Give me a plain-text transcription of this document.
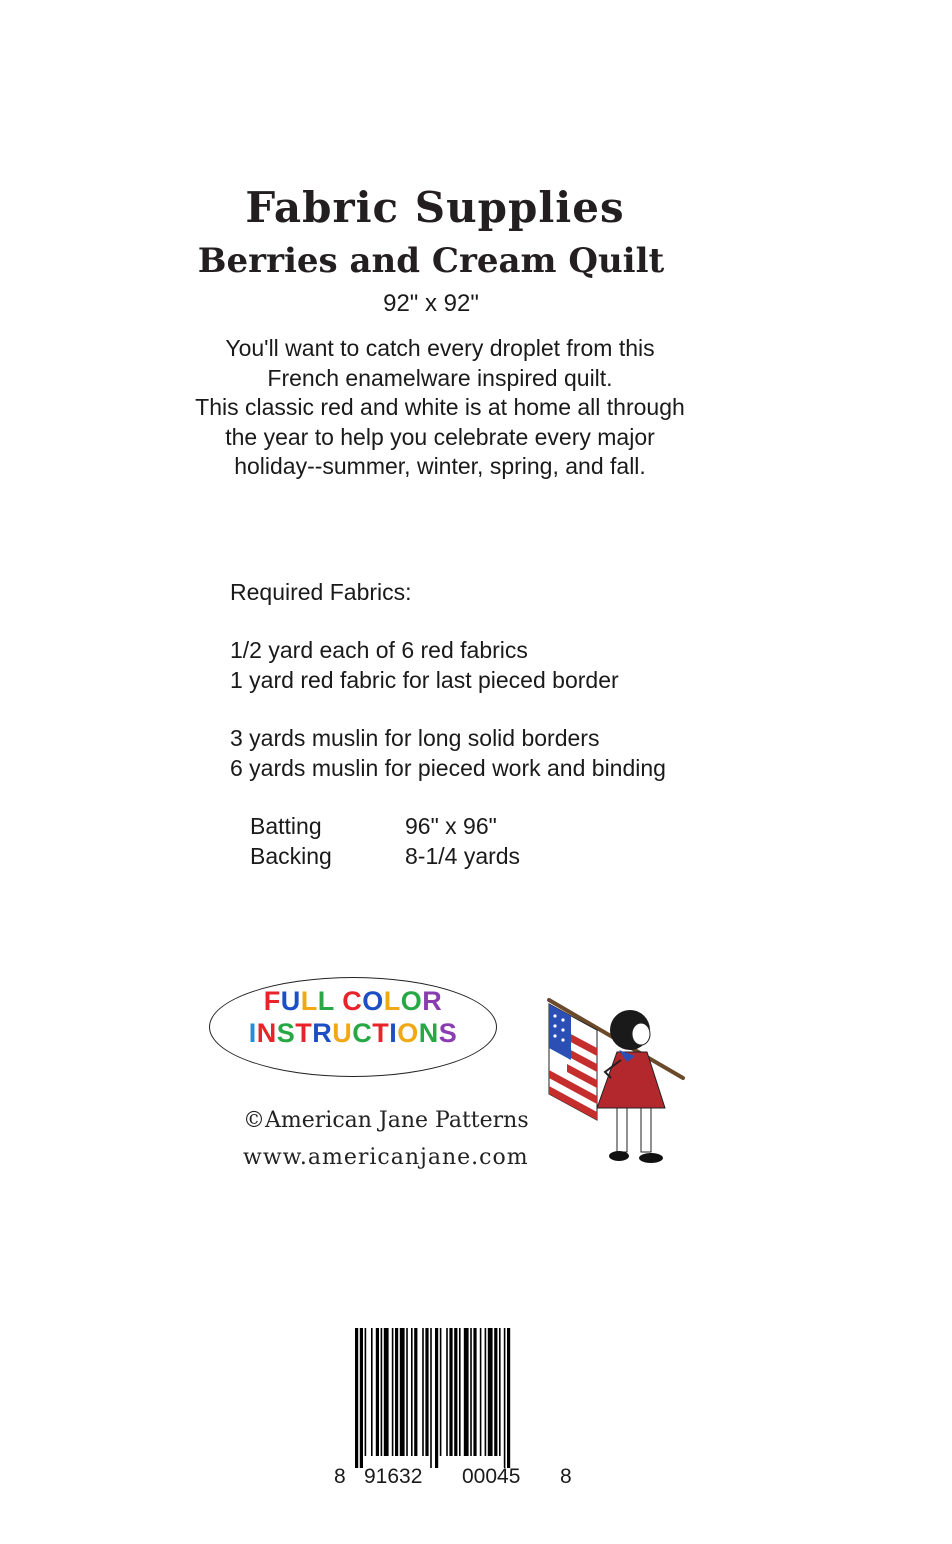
Fabric Supplies
Berries and Cream Quilt
92" x 92"
You'll want to catch every droplet from this
French enamelware inspired quilt.
This classic red and white is at home all through
the year to help you celebrate every major
holiday--summer, winter, spring, and fall.
Required Fabrics:
1/2 yard each of 6 red fabrics
1 yard red fabric for last pieced border
3 yards muslin for long solid borders
6 yards muslin for pieced work and binding
Batting	96" x 96"
Backing	8-1/4 yards
FULL COLOR
INSTRUCTIONS
©American Jane Patterns
www.americanjane.com
8 91632 00045 8
